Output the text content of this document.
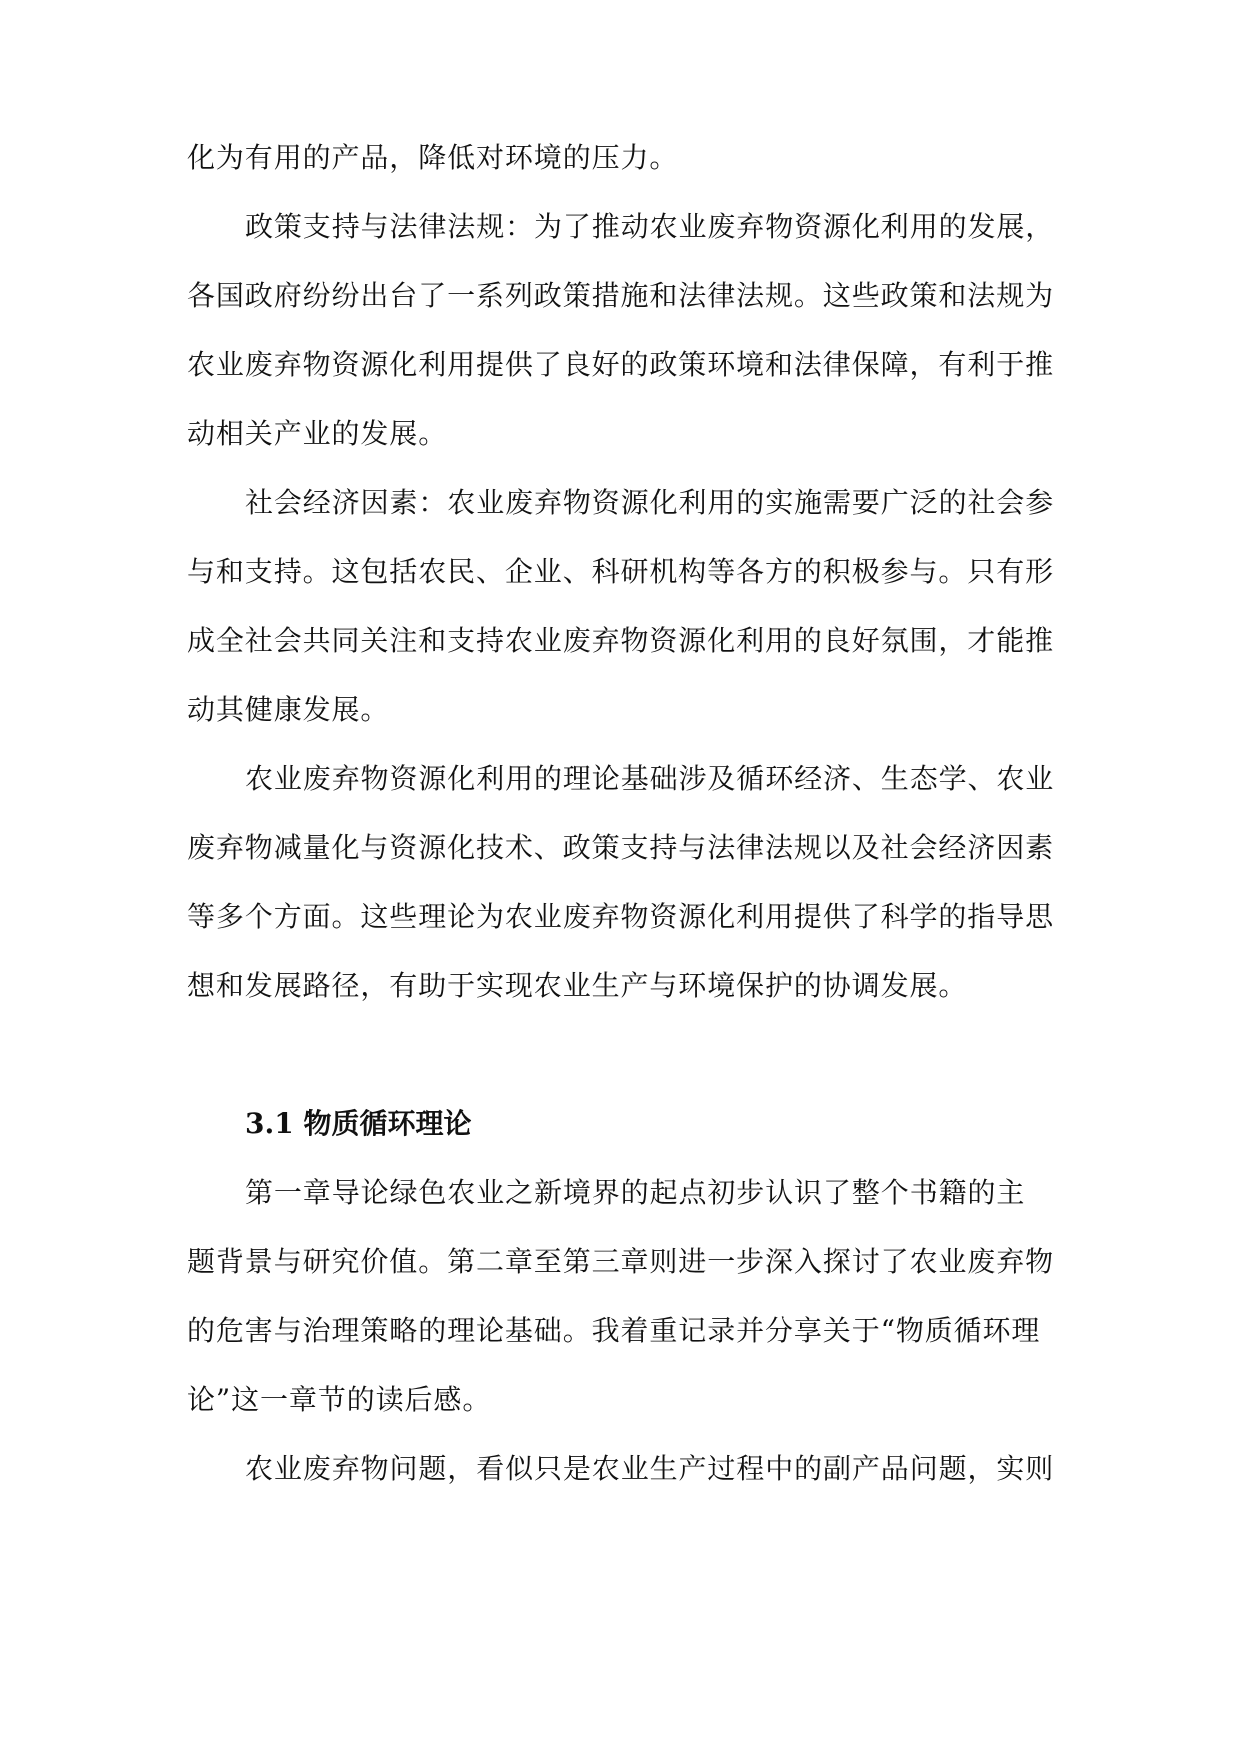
化为有用的产品，降低对环境的压力。
政策支持与法律法规：为了推动农业废弃物资源化利用的发展，
各国政府纷纷出台了一系列政策措施和法律法规。这些政策和法规为
农业废弃物资源化利用提供了良好的政策环境和法律保障，有利于推
动相关产业的发展。
社会经济因素：农业废弃物资源化利用的实施需要广泛的社会参
与和支持。这包括农民、企业、科研机构等各方的积极参与。只有形
成全社会共同关注和支持农业废弃物资源化利用的良好氛围，才能推
动其健康发展。
农业废弃物资源化利用的理论基础涉及循环经济、生态学、农业
废弃物减量化与资源化技术、政策支持与法律法规以及社会经济因素
等多个方面。这些理论为农业废弃物资源化利用提供了科学的指导思
想和发展路径，有助于实现农业生产与环境保护的协调发展。
3.1 物质循环理论
第一章导论绿色农业之新境界的起点初步认识了整个书籍的主
题背景与研究价值。第二章至第三章则进一步深入探讨了农业废弃物
的危害与治理策略的理论基础。我着重记录并分享关于“物质循环理
论”这一章节的读后感。
农业废弃物问题，看似只是农业生产过程中的副产品问题，实则
